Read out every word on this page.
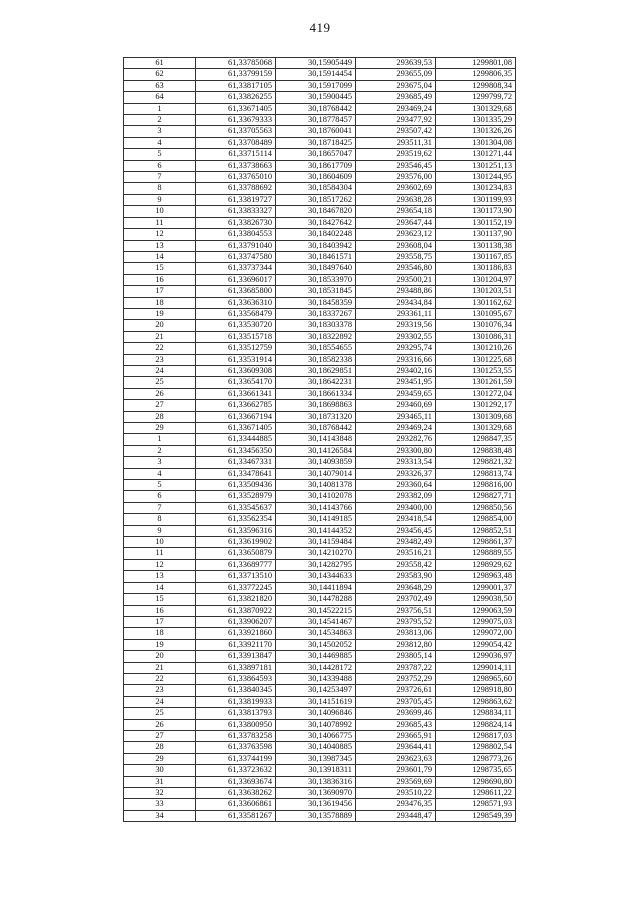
419
61	61,33785068	30,15905449	293639,53	1299801,08
62	61,33799159	30,15914454	293655,09	1299806,35
63	61,33817105	30,15917099	293675,04	1299808,34
64	61,33826255	30,15900445	293685,49	1299799,72
1	61,33671405	30,18768442	293469,24	1301329,68
2	61,33679333	30,18778457	293477,92	1301335,29
3	61,33705563	30,18760041	293507,42	1301326,26
4	61,33708489	30,18718425	293511,31	1301304,08
5	61,33715114	30,18657047	293519,62	1301271,44
6	61,33738663	30,18617709	293546,45	1301251,13
7	61,33765010	30,18604609	293576,00	1301244,95
8	61,33788692	30,18584304	293602,69	1301234,83
9	61,33819727	30,18517262	293638,28	1301199,93
10	61,33833327	30,18467820	293654,18	1301173,90
11	61,33826730	30,18427642	293647,44	1301152,19
12	61,33804553	30,18402248	293623,12	1301137,90
13	61,33791040	30,18403942	293608,04	1301138,38
14	61,33747580	30,18461571	293558,75	1301167,85
15	61,33737344	30,18497640	293546,80	1301186,83
16	61,33696017	30,18533970	293500,21	1301204,97
17	61,33685800	30,18531845	293488,86	1301203,51
18	61,33636310	30,18458359	293434,84	1301162,62
19	61,33568479	30,18337267	293361,11	1301095,67
20	61,33530720	30,18303378	293319,56	1301076,34
21	61,33515718	30,18322892	293302,55	1301086,31
22	61,33512759	30,18554655	293295,74	1301210,26
23	61,33531914	30,18582338	293316,66	1301225,68
24	61,33609308	30,18629851	293402,16	1301253,55
25	61,33654170	30,18642231	293451,95	1301261,59
26	61,33661341	30,18661334	293459,65	1301272,04
27	61,33662785	30,18698863	293460,69	1301292,17
28	61,33667194	30,18731320	293465,11	1301309,68
29	61,33671405	30,18768442	293469,24	1301329,68
1	61,33444885	30,14143848	293282,76	1298847,35
2	61,33456350	30,14126584	293300,80	1298838,48
3	61,33467331	30,14093859	293313,54	1298821,32
4	61,33478641	30,14079014	293326,37	1298813,74
5	61,33509436	30,14081378	293360,64	1298816,00
6	61,33528979	30,14102078	293382,09	1298827,71
7	61,33545637	30,14143766	293400,00	1298850,56
8	61,33562354	30,14149185	293418,54	1298854,00
9	61,33596316	30,14144352	293456,45	1298852,51
10	61,33619902	30,14159484	293482,49	1298861,37
11	61,33650879	30,14210270	293516,21	1298889,55
12	61,33689777	30,14282795	293558,42	1298929,62
13	61,33713510	30,14344633	293583,90	1298963,48
14	61,33772245	30,14411894	293648,29	1299001,37
15	61,33821820	30,14478288	293702,49	1299038,50
16	61,33870922	30,14522215	293756,51	1299063,59
17	61,33906207	30,14541467	293795,52	1299075,03
18	61,33921860	30,14534863	293813,06	1299072,00
19	61,33921170	30,14502052	293812,80	1299054,42
20	61,33913847	30,14469885	293805,14	1299036,97
21	61,33897181	30,14428172	293787,22	1299014,11
22	61,33864593	30,14339488	293752,29	1298965,60
23	61,33840345	30,14253497	293726,61	1298918,80
24	61,33819933	30,14151619	293705,45	1298863,62
25	61,33813793	30,14096846	293699,46	1298834,11
26	61,33800950	30,14078992	293685,43	1298824,14
27	61,33783258	30,14066775	293665,91	1298817,03
28	61,33763598	30,14040885	293644,41	1298802,54
29	61,33744199	30,13987345	293623,63	1298773,26
30	61,33723632	30,13918311	293601,79	1298735,65
31	61,33693674	30,13836316	293569,69	1298690,80
32	61,33638262	30,13690970	293510,22	1298611,22
33	61,33606861	30,13619456	293476,35	1298571,93
34	61,33581267	30,13578889	293448,47	1298549,39
